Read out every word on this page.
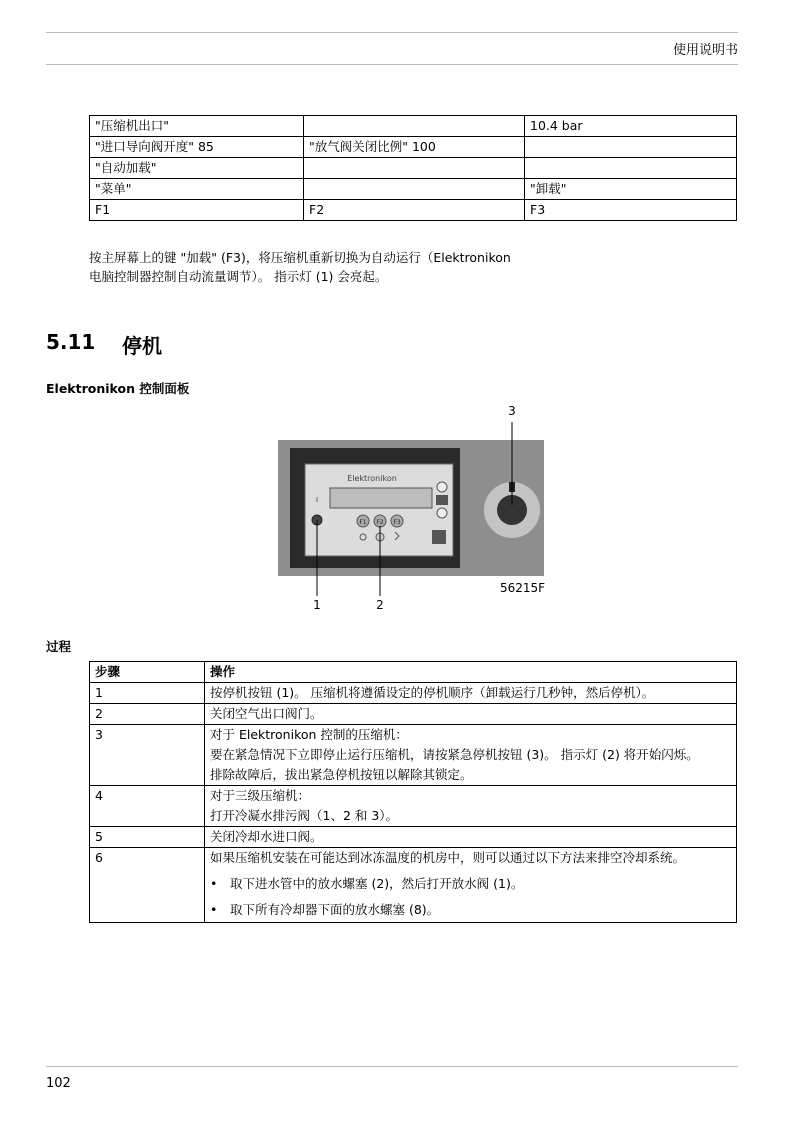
使用说明书
"压缩机出口"		10.4 bar
"进口导向阀开度" 85	"放气阀关闭比例" 100	
"自动加载"		
"菜单"		"卸载"
F1	F2	F3
按主屏幕上的键 "加载" (F3)，将压缩机重新切换为自动运行（Elektronikon
电脑控制器控制自动流量调节）。 指示灯 (1) 会亮起。
5.11 停机
Elektronikon 控制面板
Elektronikon
I
F1 F2 F3
3
1	2
56215F
过程
步骤	操作
1	按停机按钮 (1)。 压缩机将遵循设定的停机顺序（卸载运行几秒钟，然后停机）。

2	关闭空气出口阀门。

3	对于 Elektronikon 控制的压缩机：
要在紧急情况下立即停止运行压缩机，请按紧急停机按钮 (3)。 指示灯 (2) 将开始闪烁。
排除故障后，拔出紧急停机按钮以解除其锁定。

4	对于三级压缩机：
打开冷凝水排污阀（1、2 和 3）。

5	关闭冷却水进口阀。

6	如果压缩机安装在可能达到冰冻温度的机房中，则可以通过以下方法来排空冷却系统。
• 取下进水管中的放水螺塞 (2)，然后打开放水阀 (1)。
• 取下所有冷却器下面的放水螺塞 (8)。
102
